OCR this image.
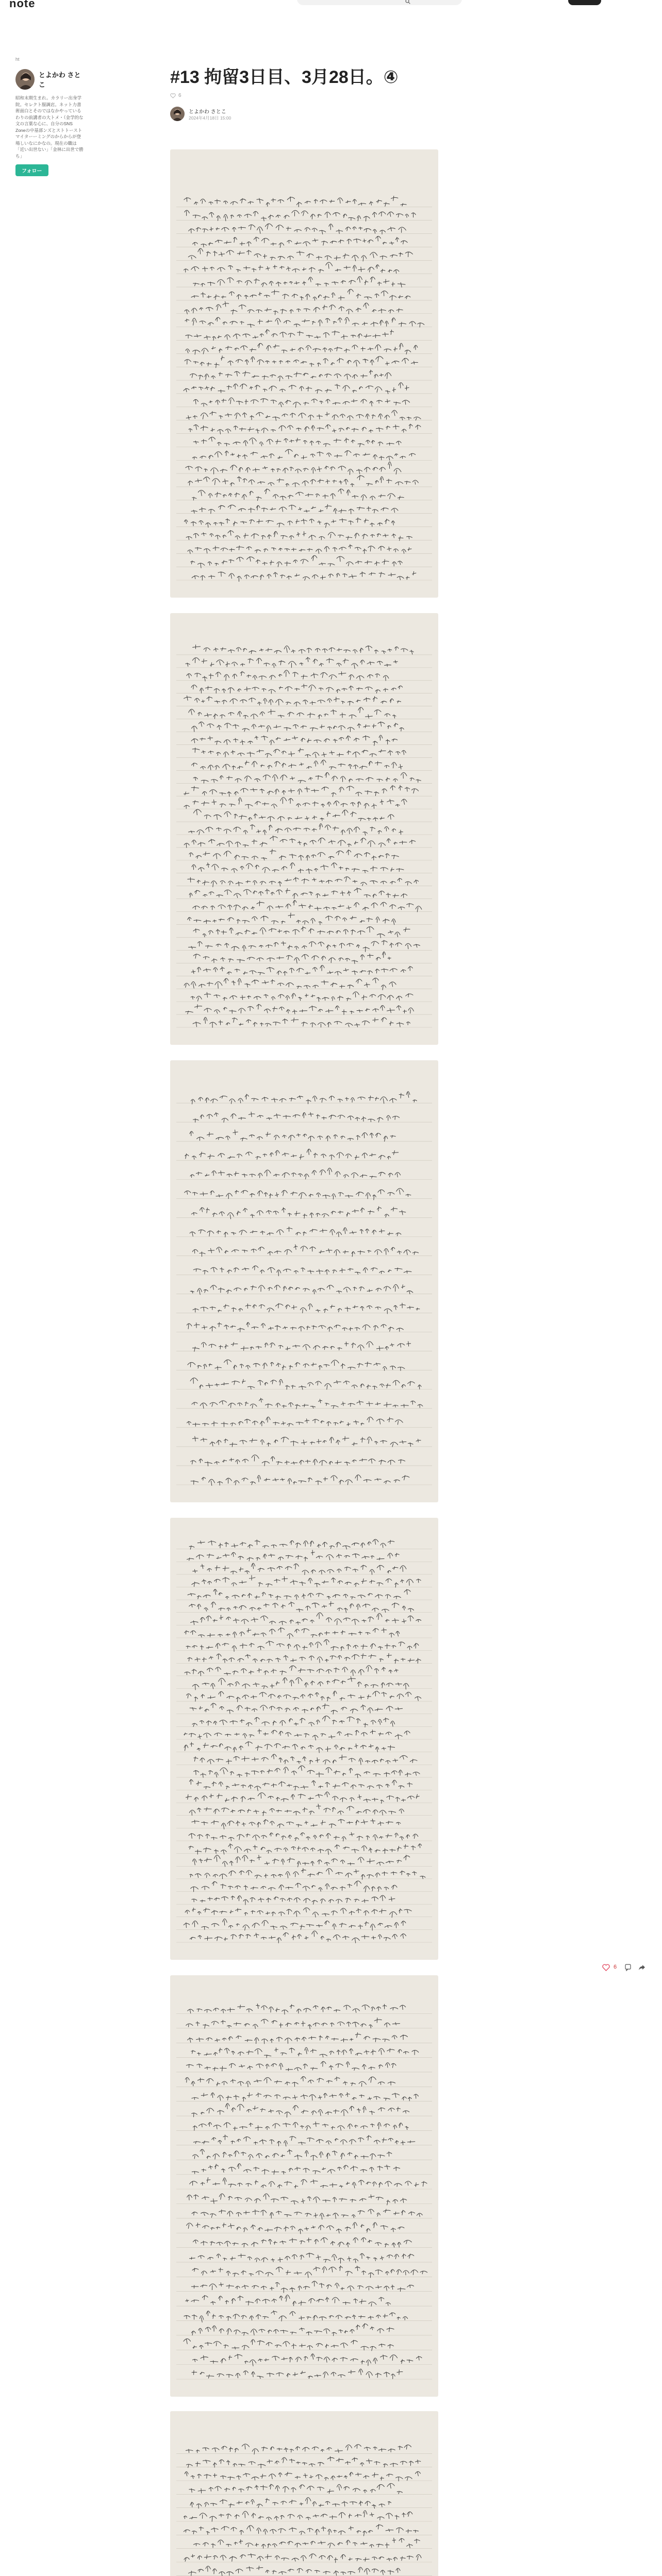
note
ht
とよかわ さとこ
昭和末期生まれ。カラリー出身学院。セレクト服調店。ネット力書術面白とそのではなかやっているわりの前講者の大トメ・（金学的な文の言葉な心に、自分のSNS Zoneの中基部ンズとストトーストマイターーミングのからからが登場しいなにかなの。現在の職は「近い出世ない」「金林に出世で勝ち」
フォロー
#13 拘留3日目、3月28日。④
6
とよかわ さとこ
2024年4月18日 15:00
6
